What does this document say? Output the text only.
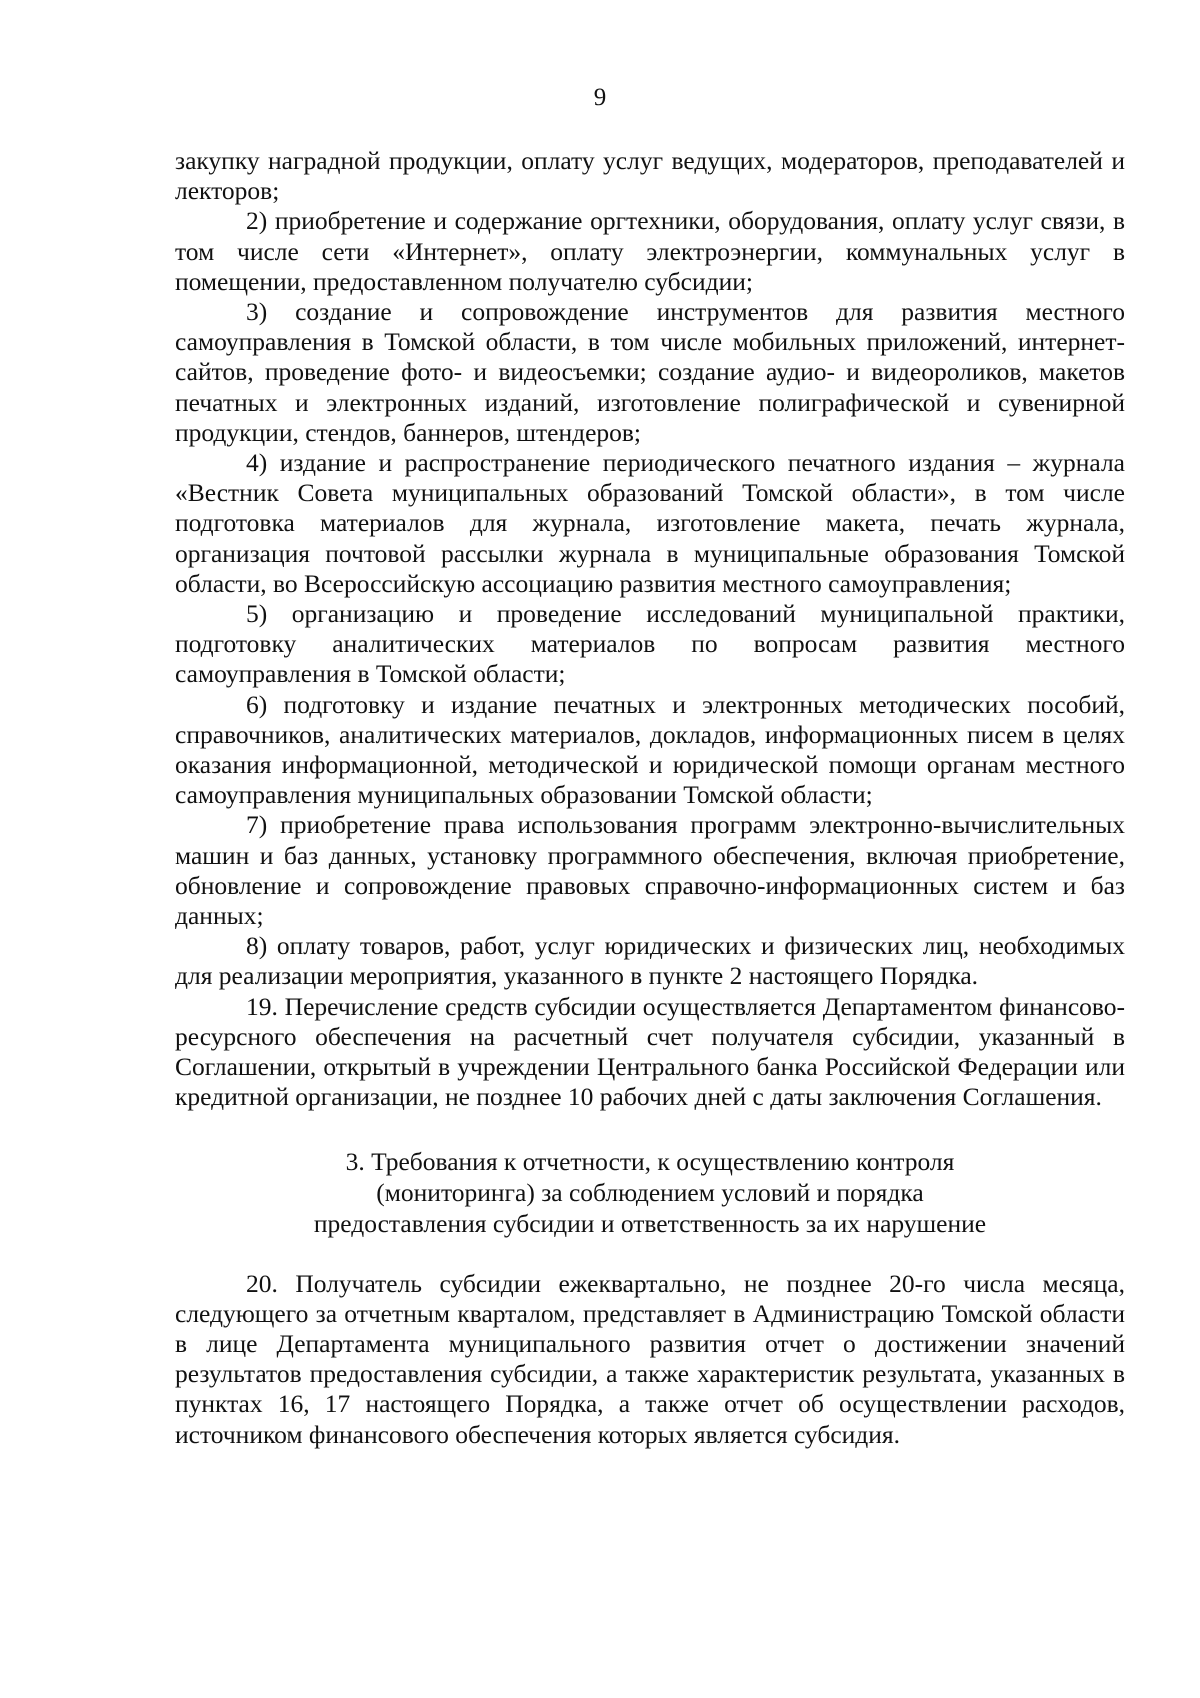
9

закупку наградной продукции, оплату услуг ведущих, модераторов, преподавателей и лекторов;

2) приобретение и содержание оргтехники, оборудования, оплату услуг связи, в том числе сети «Интернет», оплату электроэнергии, коммунальных услуг в помещении, предоставленном получателю субсидии;

3) создание и сопровождение инструментов для развития местного самоуправления в Томской области, в том числе мобильных приложений, интернет-сайтов, проведение фото- и видеосъемки; создание аудио- и видеороликов, макетов печатных и электронных изданий, изготовление полиграфической и сувенирной продукции, стендов, баннеров, штендеров;

4) издание и распространение периодического печатного издания – журнала «Вестник Совета муниципальных образований Томской области», в том числе подготовка материалов для журнала, изготовление макета, печать журнала, организация почтовой рассылки журнала в муниципальные образования Томской области, во Всероссийскую ассоциацию развития местного самоуправления;

5) организацию и проведение исследований муниципальной практики, подготовку аналитических материалов по вопросам развития местного самоуправления в Томской области;

6) подготовку и издание печатных и электронных методических пособий, справочников, аналитических материалов, докладов, информационных писем в целях оказания информационной, методической и юридической помощи органам местного самоуправления муниципальных образовании Томской области;

7) приобретение права использования программ электронно-вычислительных машин и баз данных, установку программного обеспечения, включая приобретение, обновление и сопровождение правовых справочно-информационных систем и баз данных;

8) оплату товаров, работ, услуг юридических и физических лиц, необходимых для реализации мероприятия, указанного в пункте 2 настоящего Порядка.

19. Перечисление средств субсидии осуществляется Департаментом финансово-ресурсного обеспечения на расчетный счет получателя субсидии, указанный в Соглашении, открытый в учреждении Центрального банка Российской Федерации или кредитной организации, не позднее 10 рабочих дней с даты заключения Соглашения.

3. Требования к отчетности, к осуществлению контроля
(мониторинга) за соблюдением условий и порядка
предоставления субсидии и ответственность за их нарушение

20. Получатель субсидии ежеквартально, не позднее 20-го числа месяца, следующего за отчетным кварталом, представляет в Администрацию Томской области в лице Департамента муниципального развития отчет о достижении значений результатов предоставления субсидии, а также характеристик результата, указанных в пунктах 16, 17 настоящего Порядка, а также отчет об осуществлении расходов, источником финансового обеспечения которых является субсидия.
